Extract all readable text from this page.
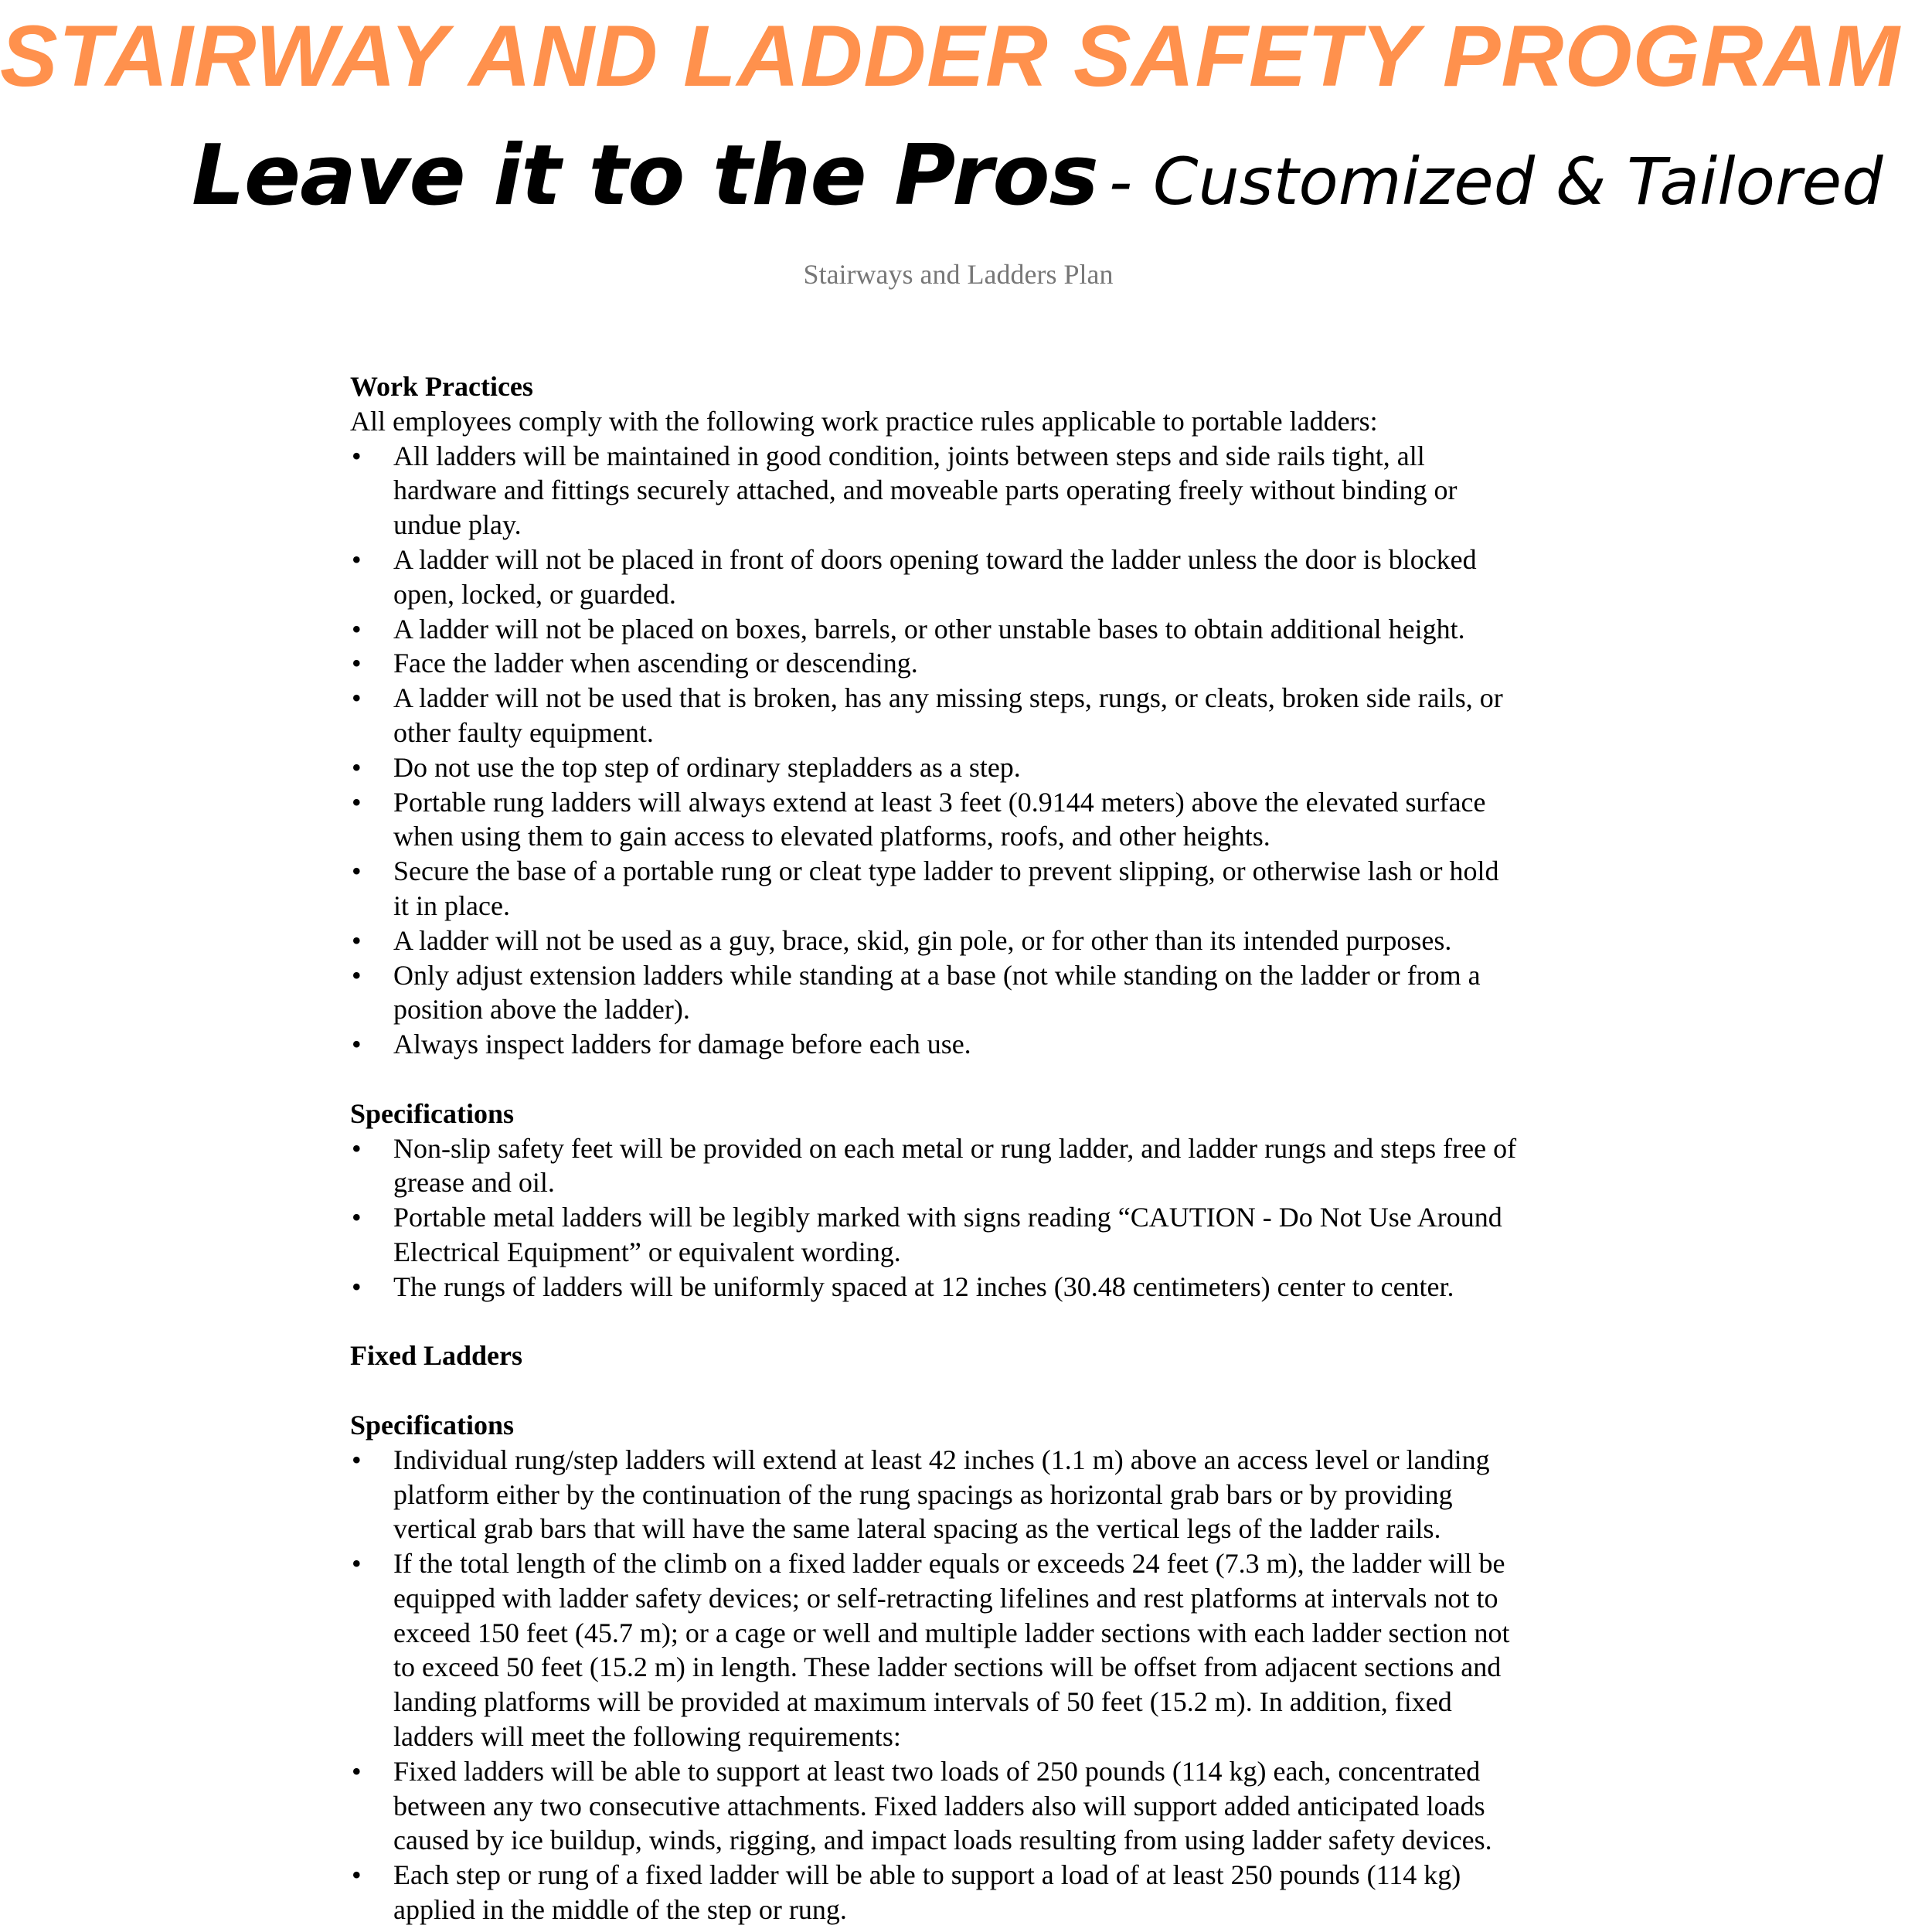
STAIRWAY AND LADDER SAFETY PROGRAM
Leave it to the Pros - Customized & Tailored
Stairways and Ladders Plan
Work Practices
All employees comply with the following work practice rules applicable to portable ladders:
• All ladders will be maintained in good condition, joints between steps and side rails tight, all
hardware and fittings securely attached, and moveable parts operating freely without binding or
undue play.
• A ladder will not be placed in front of doors opening toward the ladder unless the door is blocked
open, locked, or guarded.
• A ladder will not be placed on boxes, barrels, or other unstable bases to obtain additional height.
• Face the ladder when ascending or descending.
• A ladder will not be used that is broken, has any missing steps, rungs, or cleats, broken side rails, or
other faulty equipment.
• Do not use the top step of ordinary stepladders as a step.
• Portable rung ladders will always extend at least 3 feet (0.9144 meters) above the elevated surface
when using them to gain access to elevated platforms, roofs, and other heights.
• Secure the base of a portable rung or cleat type ladder to prevent slipping, or otherwise lash or hold
it in place.
• A ladder will not be used as a guy, brace, skid, gin pole, or for other than its intended purposes.
• Only adjust extension ladders while standing at a base (not while standing on the ladder or from a
position above the ladder).
• Always inspect ladders for damage before each use.
Specifications
• Non-slip safety feet will be provided on each metal or rung ladder, and ladder rungs and steps free of
grease and oil.
• Portable metal ladders will be legibly marked with signs reading “CAUTION - Do Not Use Around
Electrical Equipment” or equivalent wording.
• The rungs of ladders will be uniformly spaced at 12 inches (30.48 centimeters) center to center.
Fixed Ladders
Specifications
• Individual rung/step ladders will extend at least 42 inches (1.1 m) above an access level or landing
platform either by the continuation of the rung spacings as horizontal grab bars or by providing
vertical grab bars that will have the same lateral spacing as the vertical legs of the ladder rails.
• If the total length of the climb on a fixed ladder equals or exceeds 24 feet (7.3 m), the ladder will be
equipped with ladder safety devices; or self-retracting lifelines and rest platforms at intervals not to
exceed 150 feet (45.7 m); or a cage or well and multiple ladder sections with each ladder section not
to exceed 50 feet (15.2 m) in length. These ladder sections will be offset from adjacent sections and
landing platforms will be provided at maximum intervals of 50 feet (15.2 m). In addition, fixed
ladders will meet the following requirements:
• Fixed ladders will be able to support at least two loads of 250 pounds (114 kg) each, concentrated
between any two consecutive attachments. Fixed ladders also will support added anticipated loads
caused by ice buildup, winds, rigging, and impact loads resulting from using ladder safety devices.
• Each step or rung of a fixed ladder will be able to support a load of at least 250 pounds (114 kg)
applied in the middle of the step or rung.
